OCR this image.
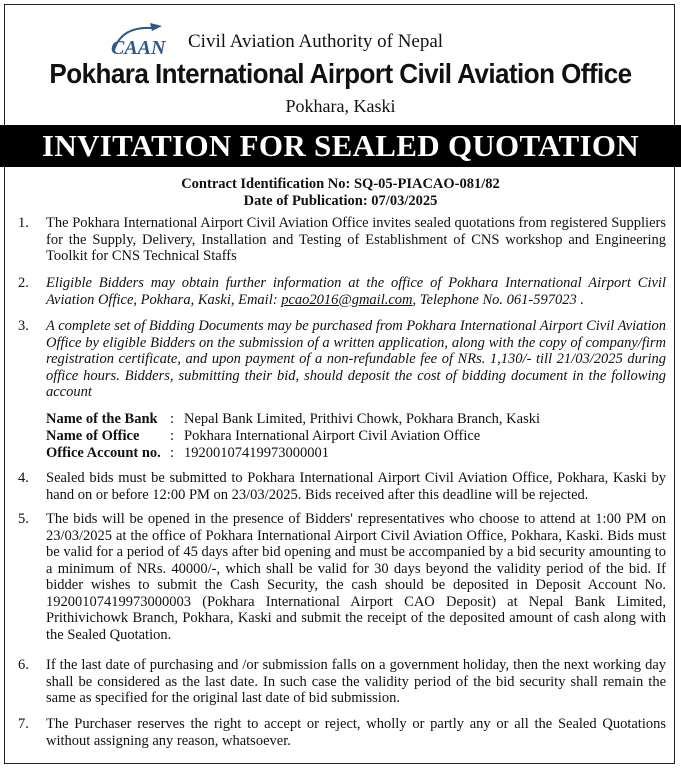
CAAN Civil Aviation Authority of Nepal
Pokhara International Airport Civil Aviation Office
Pokhara, Kaski
INVITATION FOR SEALED QUOTATION
Contract Identification No: SQ-05-PIACAO-081/82
Date of Publication: 07/03/2025
1. The Pokhara International Airport Civil Aviation Office invites sealed quotations from registered Suppliers for the Supply, Delivery, Installation and Testing of Establishment of CNS workshop and Engineering Toolkit for CNS Technical Staffs
2. Eligible Bidders may obtain further information at the office of Pokhara International Airport Civil Aviation Office, Pokhara, Kaski, Email: pcao2016@gmail.com, Telephone No. 061-597023 .
3. A complete set of Bidding Documents may be purchased from Pokhara International Airport Civil Aviation Office by eligible Bidders on the submission of a written application, along with the copy of company/firm registration certificate, and upon payment of a non-refundable fee of NRs. 1,130/- till 21/03/2025 during office hours. Bidders, submitting their bid, should deposit the cost of bidding document in the following account
Name of the Bank : Nepal Bank Limited, Prithivi Chowk, Pokhara Branch, Kaski
Name of Office : Pokhara International Airport Civil Aviation Office
Office Account no. : 19200107419973000001
4. Sealed bids must be submitted to Pokhara International Airport Civil Aviation Office, Pokhara, Kaski by hand on or before 12:00 PM on 23/03/2025. Bids received after this deadline will be rejected.
5. The bids will be opened in the presence of Bidders' representatives who choose to attend at 1:00 PM on 23/03/2025 at the office of Pokhara International Airport Civil Aviation Office, Pokhara, Kaski. Bids must be valid for a period of 45 days after bid opening and must be accompanied by a bid security amounting to a minimum of NRs. 40000/-, which shall be valid for 30 days beyond the validity period of the bid. If bidder wishes to submit the Cash Security, the cash should be deposited in Deposit Account No. 19200107419973000003 (Pokhara International Airport CAO Deposit) at Nepal Bank Limited, Prithivichowk Branch, Pokhara, Kaski and submit the receipt of the deposited amount of cash along with the Sealed Quotation.
6. If the last date of purchasing and /or submission falls on a government holiday, then the next working day shall be considered as the last date. In such case the validity period of the bid security shall remain the same as specified for the original last date of bid submission.
7. The Purchaser reserves the right to accept or reject, wholly or partly any or all the Sealed Quotations without assigning any reason, whatsoever.
